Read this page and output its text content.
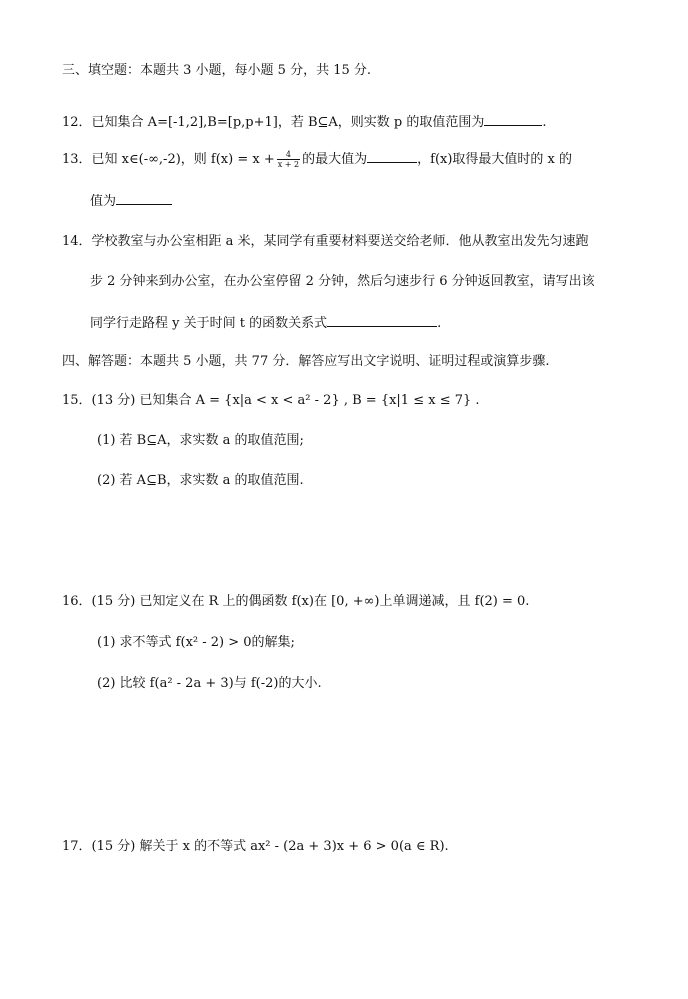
三、填空题：本题共 3 小题，每小题 5 分，共 15 分.
12．已知集合 A=[-1,2],B=[p,p+1]，若 B⊆A，则实数 p 的取值范围为	.
13．已知 x∈(-∞,-2)，则 $f(x) = x + \frac{4}{x + 2}$ 的最大值为	，f(x)取得最大值时的 x 的
值为
14．学校教室与办公室相距 a 米，某同学有重要材料要送交给老师．他从教室出发先匀速跑
步 2 分钟来到办公室，在办公室停留 2 分钟，然后匀速步行 6 分钟返回教室，请写出该
同学行走路程 y 关于时间 t 的函数关系式	.
四、解答题：本题共 5 小题，共 77 分．解答应写出文字说明、证明过程或演算步骤.
15．(13 分) 已知集合 A = {x|a < x < a² - 2} , B = {x|1 ≤ x ≤ 7} .
(1) 若 B⊆A，求实数 a 的取值范围;
(2) 若 A⊆B，求实数 a 的取值范围.
16．(15 分) 已知定义在 R 上的偶函数 f(x)在 [0, +∞)上单调递减，且 f(2) = 0.
(1) 求不等式 f(x² - 2) > 0的解集;
(2) 比较 f(a² - 2a + 3)与 f(-2)的大小.
17．(15 分) 解关于 x 的不等式 ax² - (2a + 3)x + 6 > 0(a ∈ R).
